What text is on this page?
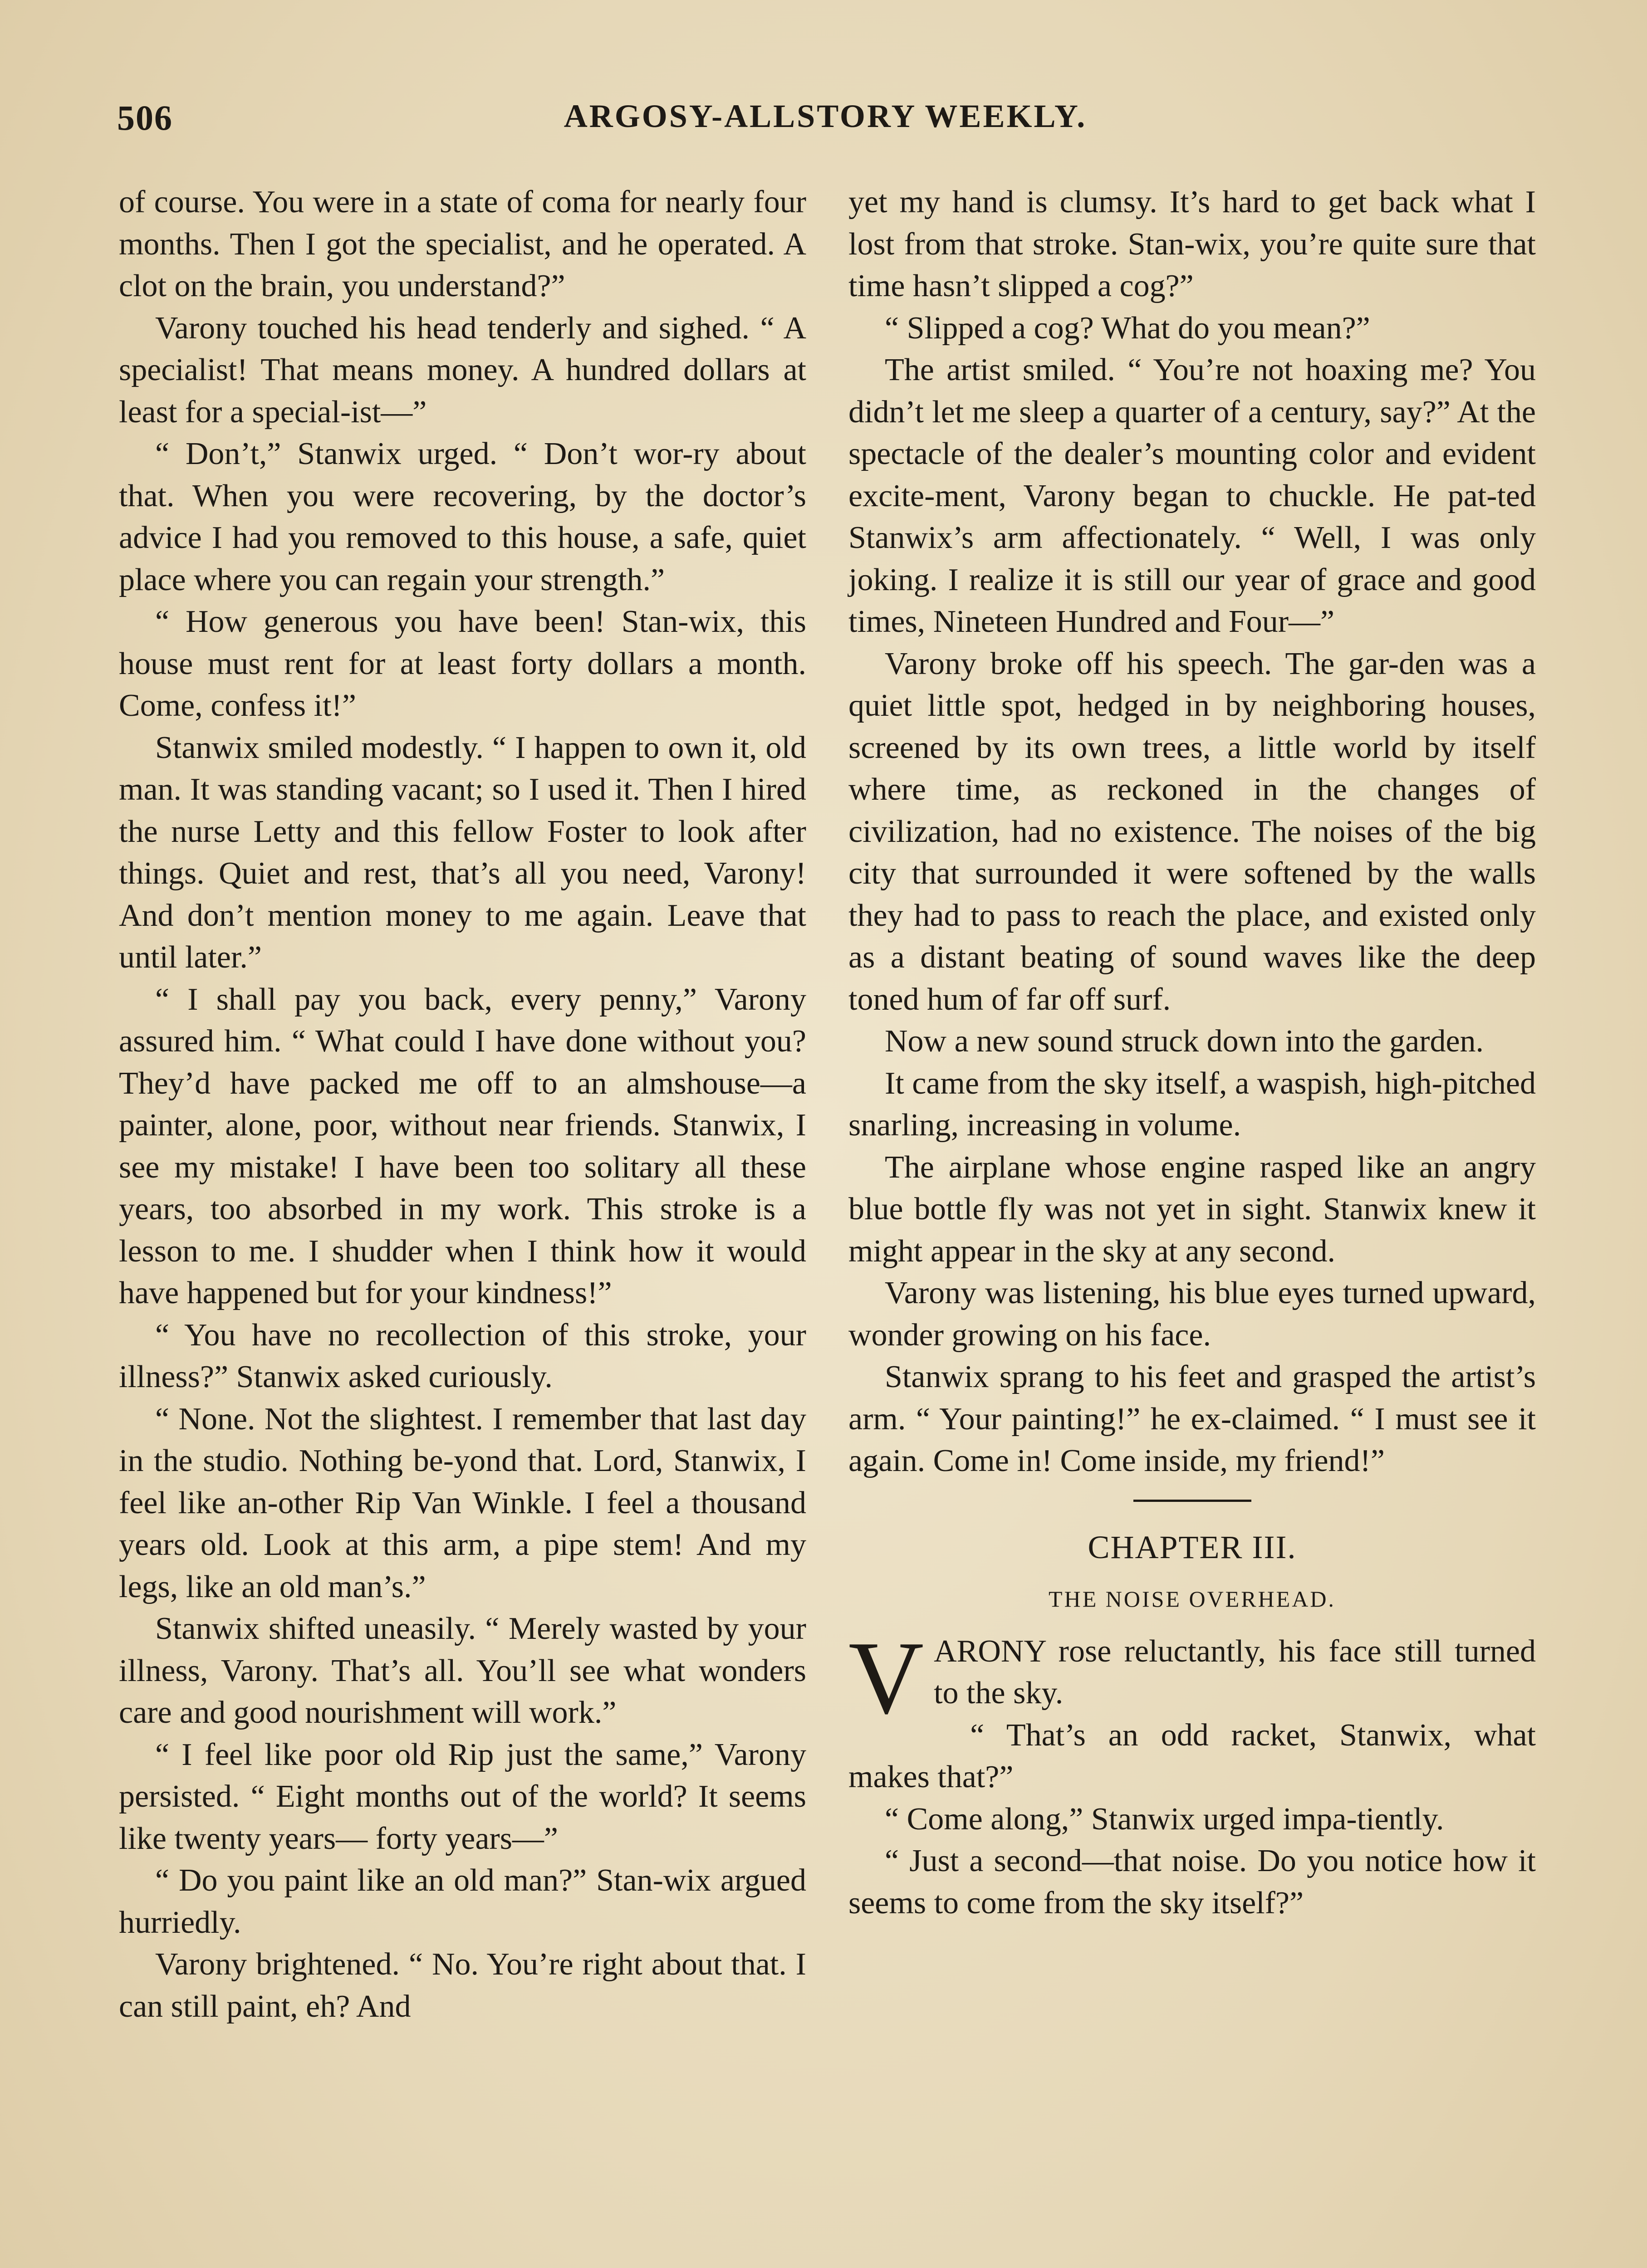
506	ARGOSY-ALLSTORY WEEKLY.

of course. You were in a state of coma for nearly four months. Then I got the specialist, and he operated. A clot on the brain, you understand?”

Varony touched his head tenderly and sighed. “ A specialist! That means money. A hundred dollars at least for a special-ist—”

“ Don’t,” Stanwix urged. “ Don’t wor-ry about that. When you were recovering, by the doctor’s advice I had you removed to this house, a safe, quiet place where you can regain your strength.”

“ How generous you have been! Stan-wix, this house must rent for at least forty dollars a month. Come, confess it!”

Stanwix smiled modestly. “ I happen to own it, old man. It was standing vacant; so I used it. Then I hired the nurse Letty and this fellow Foster to look after things. Quiet and rest, that’s all you need, Varony! And don’t mention money to me again. Leave that until later.”

“ I shall pay you back, every penny,” Varony assured him. “ What could I have done without you? They’d have packed me off to an almshouse—a painter, alone, poor, without near friends. Stanwix, I see my mistake! I have been too solitary all these years, too absorbed in my work. This stroke is a lesson to me. I shudder when I think how it would have happened but for your kindness!”

“ You have no recollection of this stroke, your illness?” Stanwix asked curiously.

“ None. Not the slightest. I remember that last day in the studio. Nothing be-yond that. Lord, Stanwix, I feel like an-other Rip Van Winkle. I feel a thousand years old. Look at this arm, a pipe stem! And my legs, like an old man’s.”

Stanwix shifted uneasily. “ Merely wasted by your illness, Varony. That’s all. You’ll see what wonders care and good nourishment will work.”

“ I feel like poor old Rip just the same,” Varony persisted. “ Eight months out of the world? It seems like twenty years— forty years—”

“ Do you paint like an old man?” Stan-wix argued hurriedly.

Varony brightened. “ No. You’re right about that. I can still paint, eh? And

yet my hand is clumsy. It’s hard to get back what I lost from that stroke. Stan-wix, you’re quite sure that time hasn’t slipped a cog?”

“ Slipped a cog? What do you mean?”

The artist smiled. “ You’re not hoaxing me? You didn’t let me sleep a quarter of a century, say?” At the spectacle of the dealer’s mounting color and evident excite-ment, Varony began to chuckle. He pat-ted Stanwix’s arm affectionately. “ Well, I was only joking. I realize it is still our year of grace and good times, Nineteen Hundred and Four—”

Varony broke off his speech. The gar-den was a quiet little spot, hedged in by neighboring houses, screened by its own trees, a little world by itself where time, as reckoned in the changes of civilization, had no existence. The noises of the big city that surrounded it were softened by the walls they had to pass to reach the place, and existed only as a distant beating of sound waves like the deep toned hum of far off surf.

Now a new sound struck down into the garden.

It came from the sky itself, a waspish, high-pitched snarling, increasing in volume.

The airplane whose engine rasped like an angry blue bottle fly was not yet in sight. Stanwix knew it might appear in the sky at any second.

Varony was listening, his blue eyes turned upward, wonder growing on his face.

Stanwix sprang to his feet and grasped the artist’s arm. “ Your painting!” he ex-claimed. “ I must see it again. Come in! Come inside, my friend!”

CHAPTER III.
THE NOISE OVERHEAD.

VARONY rose reluctantly, his face still turned to the sky.

“ That’s an odd racket, Stanwix, what makes that?”

“ Come along,” Stanwix urged impa-tiently.

“ Just a second—that noise. Do you notice how it seems to come from the sky itself?”
